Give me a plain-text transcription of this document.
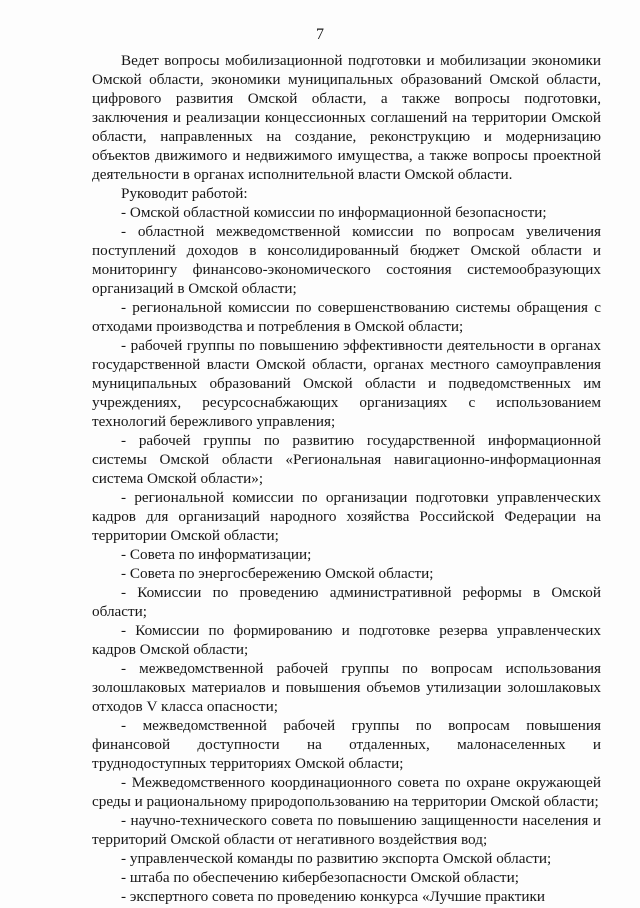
7

Ведет вопросы мобилизационной подготовки и мобилизации экономики Омской области, экономики муниципальных образований Омской области, цифрового развития Омской области, а также вопросы подготовки, заключения и реализации концессионных соглашений на территории Омской области, направленных на создание, реконструкцию и модернизацию объектов движимого и недвижимого имущества, а также вопросы проектной деятельности в органах исполнительной власти Омской области.

Руководит работой:

- Омской областной комиссии по информационной безопасности;

- областной межведомственной комиссии по вопросам увеличения поступлений доходов в консолидированный бюджет Омской области и мониторингу финансово-экономического состояния системообразующих организаций в Омской области;

- региональной комиссии по совершенствованию системы обращения с отходами производства и потребления в Омской области;

- рабочей группы по повышению эффективности деятельности в органах государственной власти Омской области, органах местного самоуправления муниципальных образований Омской области и подведомственных им учреждениях, ресурсоснабжающих организациях с использованием технологий бережливого управления;

- рабочей группы по развитию государственной информационной системы Омской области «Региональная навигационно-информационная система Омской области»;

- региональной комиссии по организации подготовки управленческих кадров для организаций народного хозяйства Российской Федерации на территории Омской области;

- Совета по информатизации;

- Совета по энергосбережению Омской области;

- Комиссии по проведению административной реформы в Омской области;

- Комиссии по формированию и подготовке резерва управленческих кадров Омской области;

- межведомственной рабочей группы по вопросам использования золошлаковых материалов и повышения объемов утилизации золошлаковых отходов V класса опасности;

- межведомственной рабочей группы по вопросам повышения финансовой доступности на отдаленных, малонаселенных и труднодоступных территориях Омской области;

- Межведомственного координационного совета по охране окружающей среды и рациональному природопользованию на территории Омской области;

- научно-технического совета по повышению защищенности населения и территорий Омской области от негативного воздействия вод;

- управленческой команды по развитию экспорта Омской области;

- штаба по обеспечению кибербезопасности Омской области;

- экспертного совета по проведению конкурса «Лучшие практики
